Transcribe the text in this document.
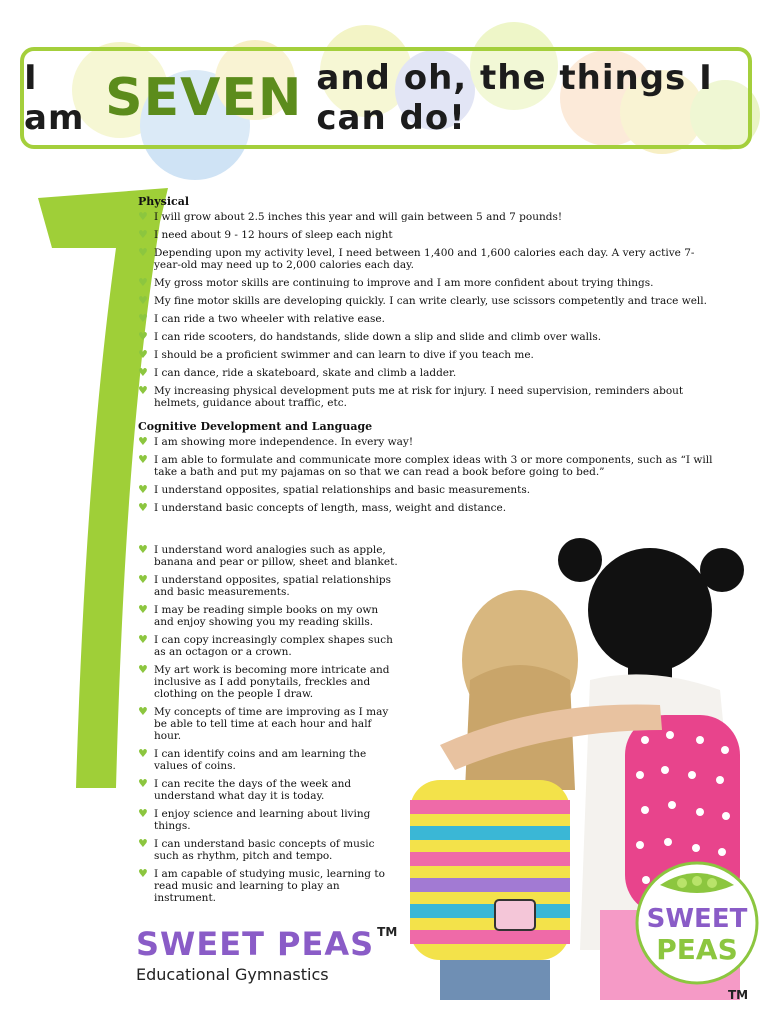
I am SEVEN and oh, the things I can do!
Physical
♥ I will grow about 2.5 inches this year and will gain between 5 and 7 pounds!
♥ I need about 9 - 12 hours of sleep each night
♥ Depending upon my activity level, I need between 1,400 and 1,600 calories each day. A very active 7-year-old may need up to 2,000 calories each day.
♥ My gross motor skills are continuing to improve and I am more confident about trying things.
♥ My fine motor skills are developing quickly. I can write clearly, use scissors competently and trace well.
♥ I can ride a two wheeler with relative ease.
♥ I can ride scooters, do handstands, slide down a slip and slide and climb over walls.
♥ I should be a proficient swimmer and can learn to dive if you teach me.
♥ I can dance, ride a skateboard, skate and climb a ladder.
♥ My increasing physical development puts me at risk for injury. I need supervision, reminders about helmets, guidance about traffic, etc.
Cognitive Development and Language
♥ I am showing more independence. In every way!
♥ I am able to formulate and communicate more complex ideas with 3 or more components, such as “I will take a bath and put my pajamas on so that we can read a book before going to bed.”
♥ I understand opposites, spatial relationships and basic measurements.
♥ I understand basic concepts of length, mass, weight and distance.
♥ I understand word analogies such as apple, banana and pear or pillow, sheet and blanket.
♥ I understand opposites, spatial relationships and basic measurements.
♥ I may be reading simple books on my own and enjoy showing you my reading skills.
♥ I can copy increasingly complex shapes such as an octagon or a crown.
♥ My art work is becoming more intricate and inclusive as I add ponytails, freckles and clothing on the people I draw.
♥ My concepts of time are improving as I may be able to tell time at each hour and half hour.
♥ I can identify coins and am learning the values of coins.
♥ I can recite the days of the week and understand what day it is today.
♥ I enjoy science and learning about living things.
♥ I can understand basic concepts of music such as rhythm, pitch and tempo.
♥ I am capable of studying music, learning to read music and learning to play an instrument.
SWEET PEAS ™
Educational Gymnastics
SWEET
PEAS
TM
